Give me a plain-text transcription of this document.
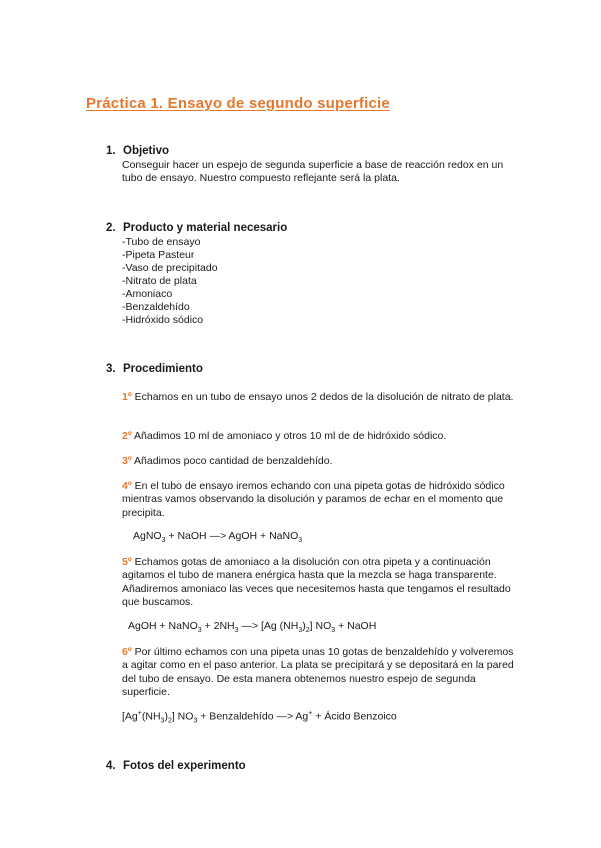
Práctica 1. Ensayo de segundo superficie
1. Objetivo
Conseguir hacer un espejo de segunda superficie a base de reacción redox en un tubo de ensayo. Nuestro compuesto reflejante será la plata.
2. Producto y material necesario
-Tubo de ensayo
-Pipeta Pasteur
-Vaso de precipitado
-Nitrato de plata
-Amoniaco
-Benzaldehído
-Hidróxido sódico
3. Procedimiento
1º Echamos en un tubo de ensayo unos 2 dedos de la disolución de nitrato de plata.
2º Añadimos 10 ml de amoniaco y otros 10 ml de de hidróxido sódico.
3º Añadimos poco cantidad de benzaldehído.
4º En el tubo de ensayo iremos echando con una pipeta gotas de hidróxido sódico mientras vamos observando la disolución y paramos de echar en el momento que precipita.
AgNO$_3$ + NaOH —> AgOH + NaNO$_3$
5º Echamos gotas de amoniaco a la disolución con otra pipeta y a continuación agitamos el tubo de manera enérgica hasta que la mezcla se haga transparente. Añadiremos amoniaco las veces que necesitemos hasta que tengamos el resultado que buscamos.
AgOH + NaNO$_3$ + $2NH_3$ —> [Ag $(NH_3)_2$] $NO_3$ + NaOH
6º Por último echamos con una pipeta unas 10 gotas de benzaldehído y volveremos a agitar como en el paso anterior. La plata se precipitará y se depositará en la pared del tubo de ensayo. De esta manera obtenemos nuestro espejo de segunda superficie.
$[Ag^+(NH_3)_2] NO_3$ + Benzaldehído —> Ag+ + Ácido Benzoico
4. Fotos del experimento
